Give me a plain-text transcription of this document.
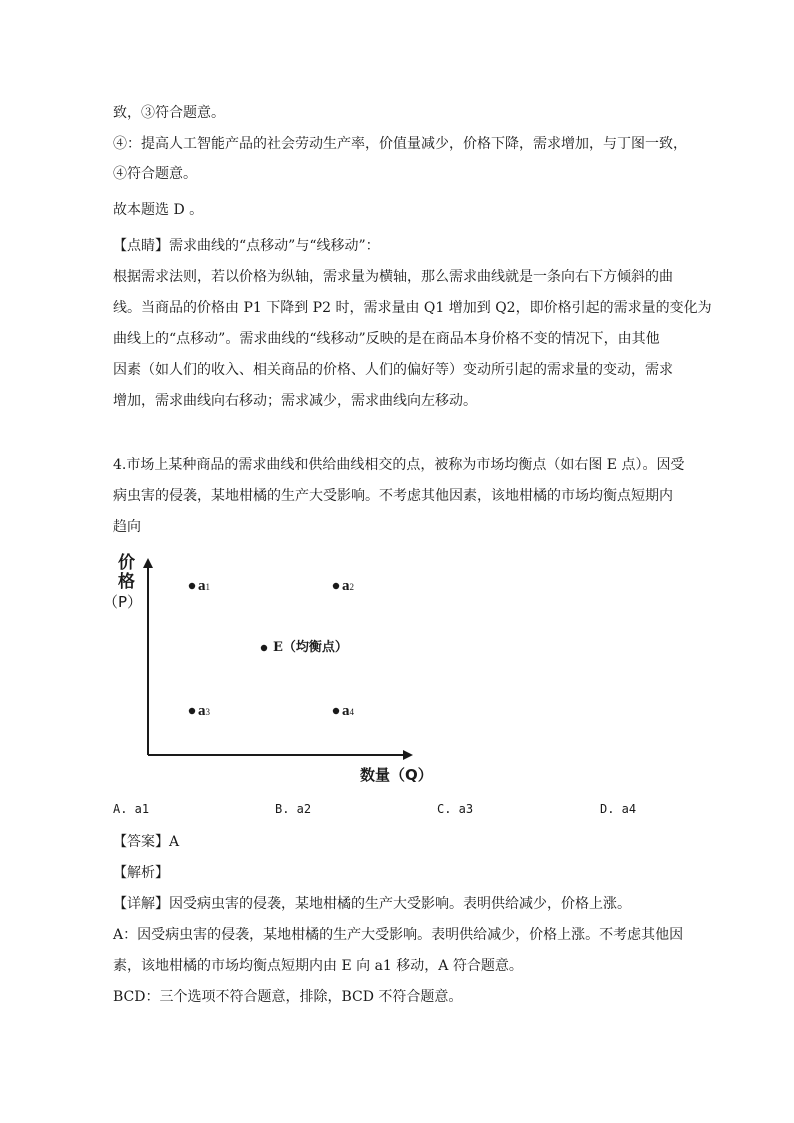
致，③符合题意。
④：提高人工智能产品的社会劳动生产率，价值量减少，价格下降，需求增加，与丁图一致，
④符合题意。
故本题选 D 。
【点睛】需求曲线的“点移动”与“线移动”：
根据需求法则，若以价格为纵轴，需求量为横轴，那么需求曲线就是一条向右下方倾斜的曲
线。当商品的价格由 P1 下降到 P2 时，需求量由 Q1 增加到 Q2，即价格引起的需求量的变化为
曲线上的“点移动”。需求曲线的“线移动”反映的是在商品本身价格不变的情况下，由其他
因素（如人们的收入、相关商品的价格、人们的偏好等）变动所引起的需求量的变动，需求
增加，需求曲线向右移动；需求减少，需求曲线向左移动。
4.市场上某种商品的需求曲线和供给曲线相交的点，被称为市场均衡点（如右图 E 点）。因受
病虫害的侵袭，某地柑橘的生产大受影响。不考虑其他因素，该地柑橘的市场均衡点短期内
趋向
价
格
（P）
a1	a2
E（均衡点）
a3	a4
数量（Q）
A. a1	B. a2	C. a3	D. a4
【答案】A
【解析】
【详解】因受病虫害的侵袭，某地柑橘的生产大受影响。表明供给减少，价格上涨。
A：因受病虫害的侵袭，某地柑橘的生产大受影响。表明供给减少，价格上涨。不考虑其他因
素，该地柑橘的市场均衡点短期内由 E 向 a1 移动，A 符合题意。
BCD：三个选项不符合题意，排除，BCD 不符合题意。
